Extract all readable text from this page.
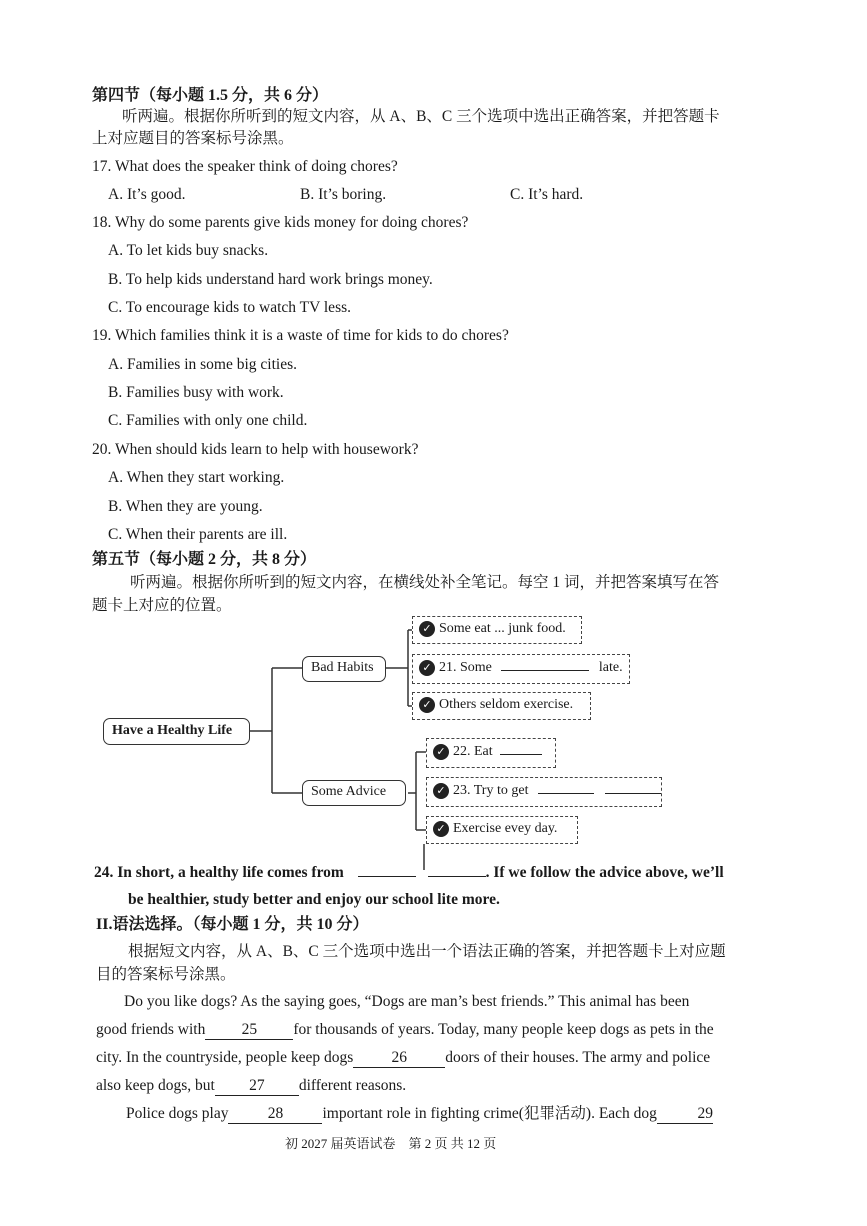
第四节（每小题 1.5 分，共 6 分）
听两遍。根据你所听到的短文内容，从 A、B、C 三个选项中选出正确答案，并把答题卡
上对应题目的答案标号涂黑。
17. What does the speaker think of doing chores?
A. It’s good.	B. It’s boring.	C. It’s hard.
18. Why do some parents give kids money for doing chores?
A. To let kids buy snacks.
B. To help kids understand hard work brings money.
C. To encourage kids to watch TV less.
19. Which families think it is a waste of time for kids to do chores?
A. Families in some big cities.
B. Families busy with work.
C. Families with only one child.
20. When should kids learn to help with housework?
A. When they start working.
B. When they are young.
C. When their parents are ill.
第五节（每小题 2 分，共 8 分）
听两遍。根据你所听到的短文内容，在横线处补全笔记。每空 1 词，并把答案填写在答
题卡上对应的位置。
Have a Healthy Life
Bad Habits
Some Advice
✓ Some eat ... junk food.
✓ 21. Some	late.
✓ Others seldom exercise.
✓ 22. Eat
✓ 23. Try to get
✓ Exercise evey day.
24. In short, a healthy life comes from	. If we follow the advice above, we’ll
be healthier, study better and enjoy our school lite more.
II.语法选择。（每小题 1 分，共 10 分）
根据短文内容，从 A、B、C 三个选项中选出一个语法正确的答案，并把答题卡上对应题
目的答案标号涂黑。
Do you like dogs? As the saying goes, “Dogs are man’s best friends.” This animal has been
good friends with 25 for thousands of years. Today, many people keep dogs as pets in the
city. In the countryside, people keep dogs 26 doors of their houses. The army and police
also keep dogs, but 27 different reasons.
Police dogs play	28	important role in fighting crime(犯罪活动). Each dog	29
初 2027 届英语试卷　第 2 页 共 12 页
